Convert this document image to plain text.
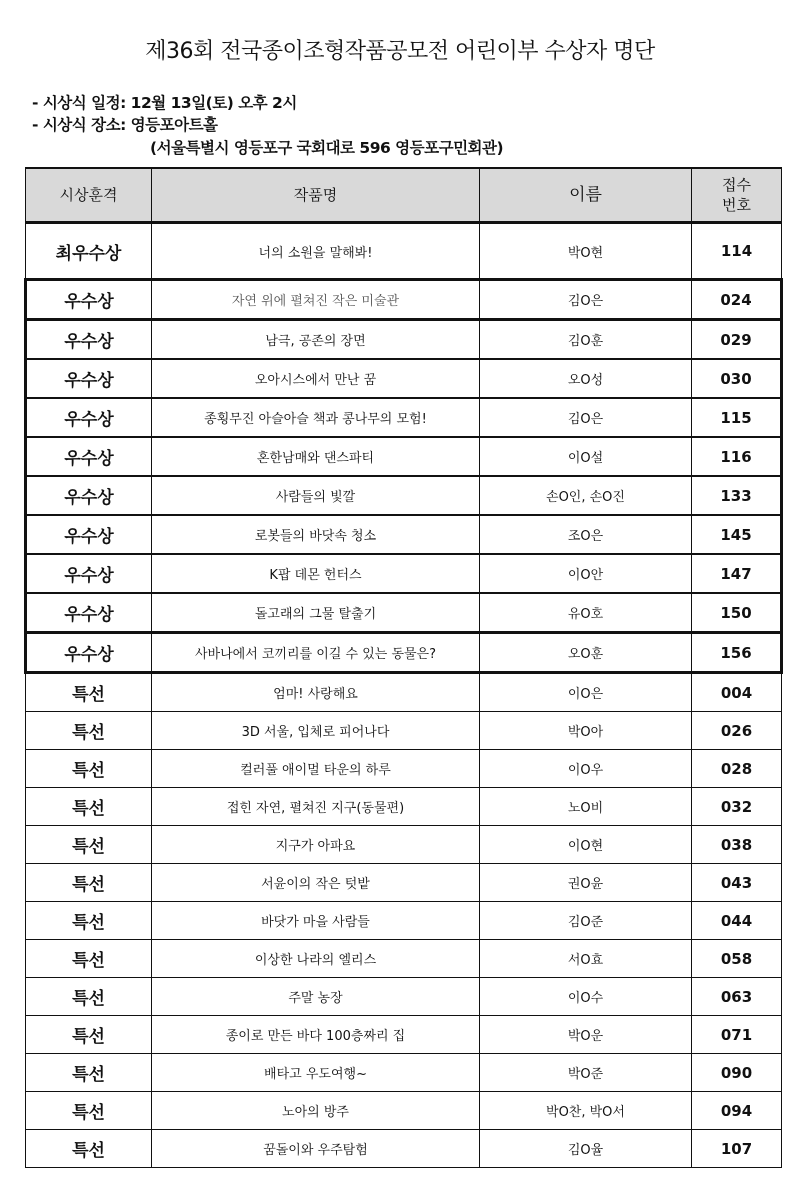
제36회 전국종이조형작품공모전 어린이부 수상자 명단
- 시상식 일정: 12월 13일(토) 오후 2시
- 시상식 장소: 영등포아트홀
(서울특별시 영등포구 국회대로 596 영등포구민회관)
시상훈격	작품명	이름	접수
번호
최우수상	너의 소원을 말해봐!	박O현	114
우수상	자연 위에 펼쳐진 작은 미술관	김O은	024
우수상	남극, 공존의 장면	김O훈	029
우수상	오아시스에서 만난 꿈	오O성	030
우수상	종횡무진 아슬아슬 책과 콩나무의 모험!	김O은	115
우수상	혼한남매와 댄스파티	이O설	116
우수상	사람들의 빛깔	손O인, 손O진	133
우수상	로봇들의 바닷속 청소	조O은	145
우수상	K팝 데몬 헌터스	이O안	147
우수상	돌고래의 그물 탈출기	유O호	150
우수상	사바나에서 코끼리를 이길 수 있는 동물은?	오O훈	156
특선	엄마! 사랑해요	이O은	004
특선	3D 서울, 입체로 피어나다	박O아	026
특선	컬러풀 애이멀 타운의 하루	이O우	028
특선	접힌 자연, 펼쳐진 지구(동물편)	노O비	032
특선	지구가 아파요	이O현	038
특선	서윤이의 작은 텃밭	권O윤	043
특선	바닷가 마을 사람들	김O준	044
특선	이상한 나라의 엘리스	서O효	058
특선	주말 농장	이O수	063
특선	종이로 만든 바다 100층짜리 집	박O운	071
특선	배타고 우도여행~	박O준	090
특선	노아의 방주	박O찬, 박O서	094
특선	꿈돌이와 우주탐험	김O율	107
